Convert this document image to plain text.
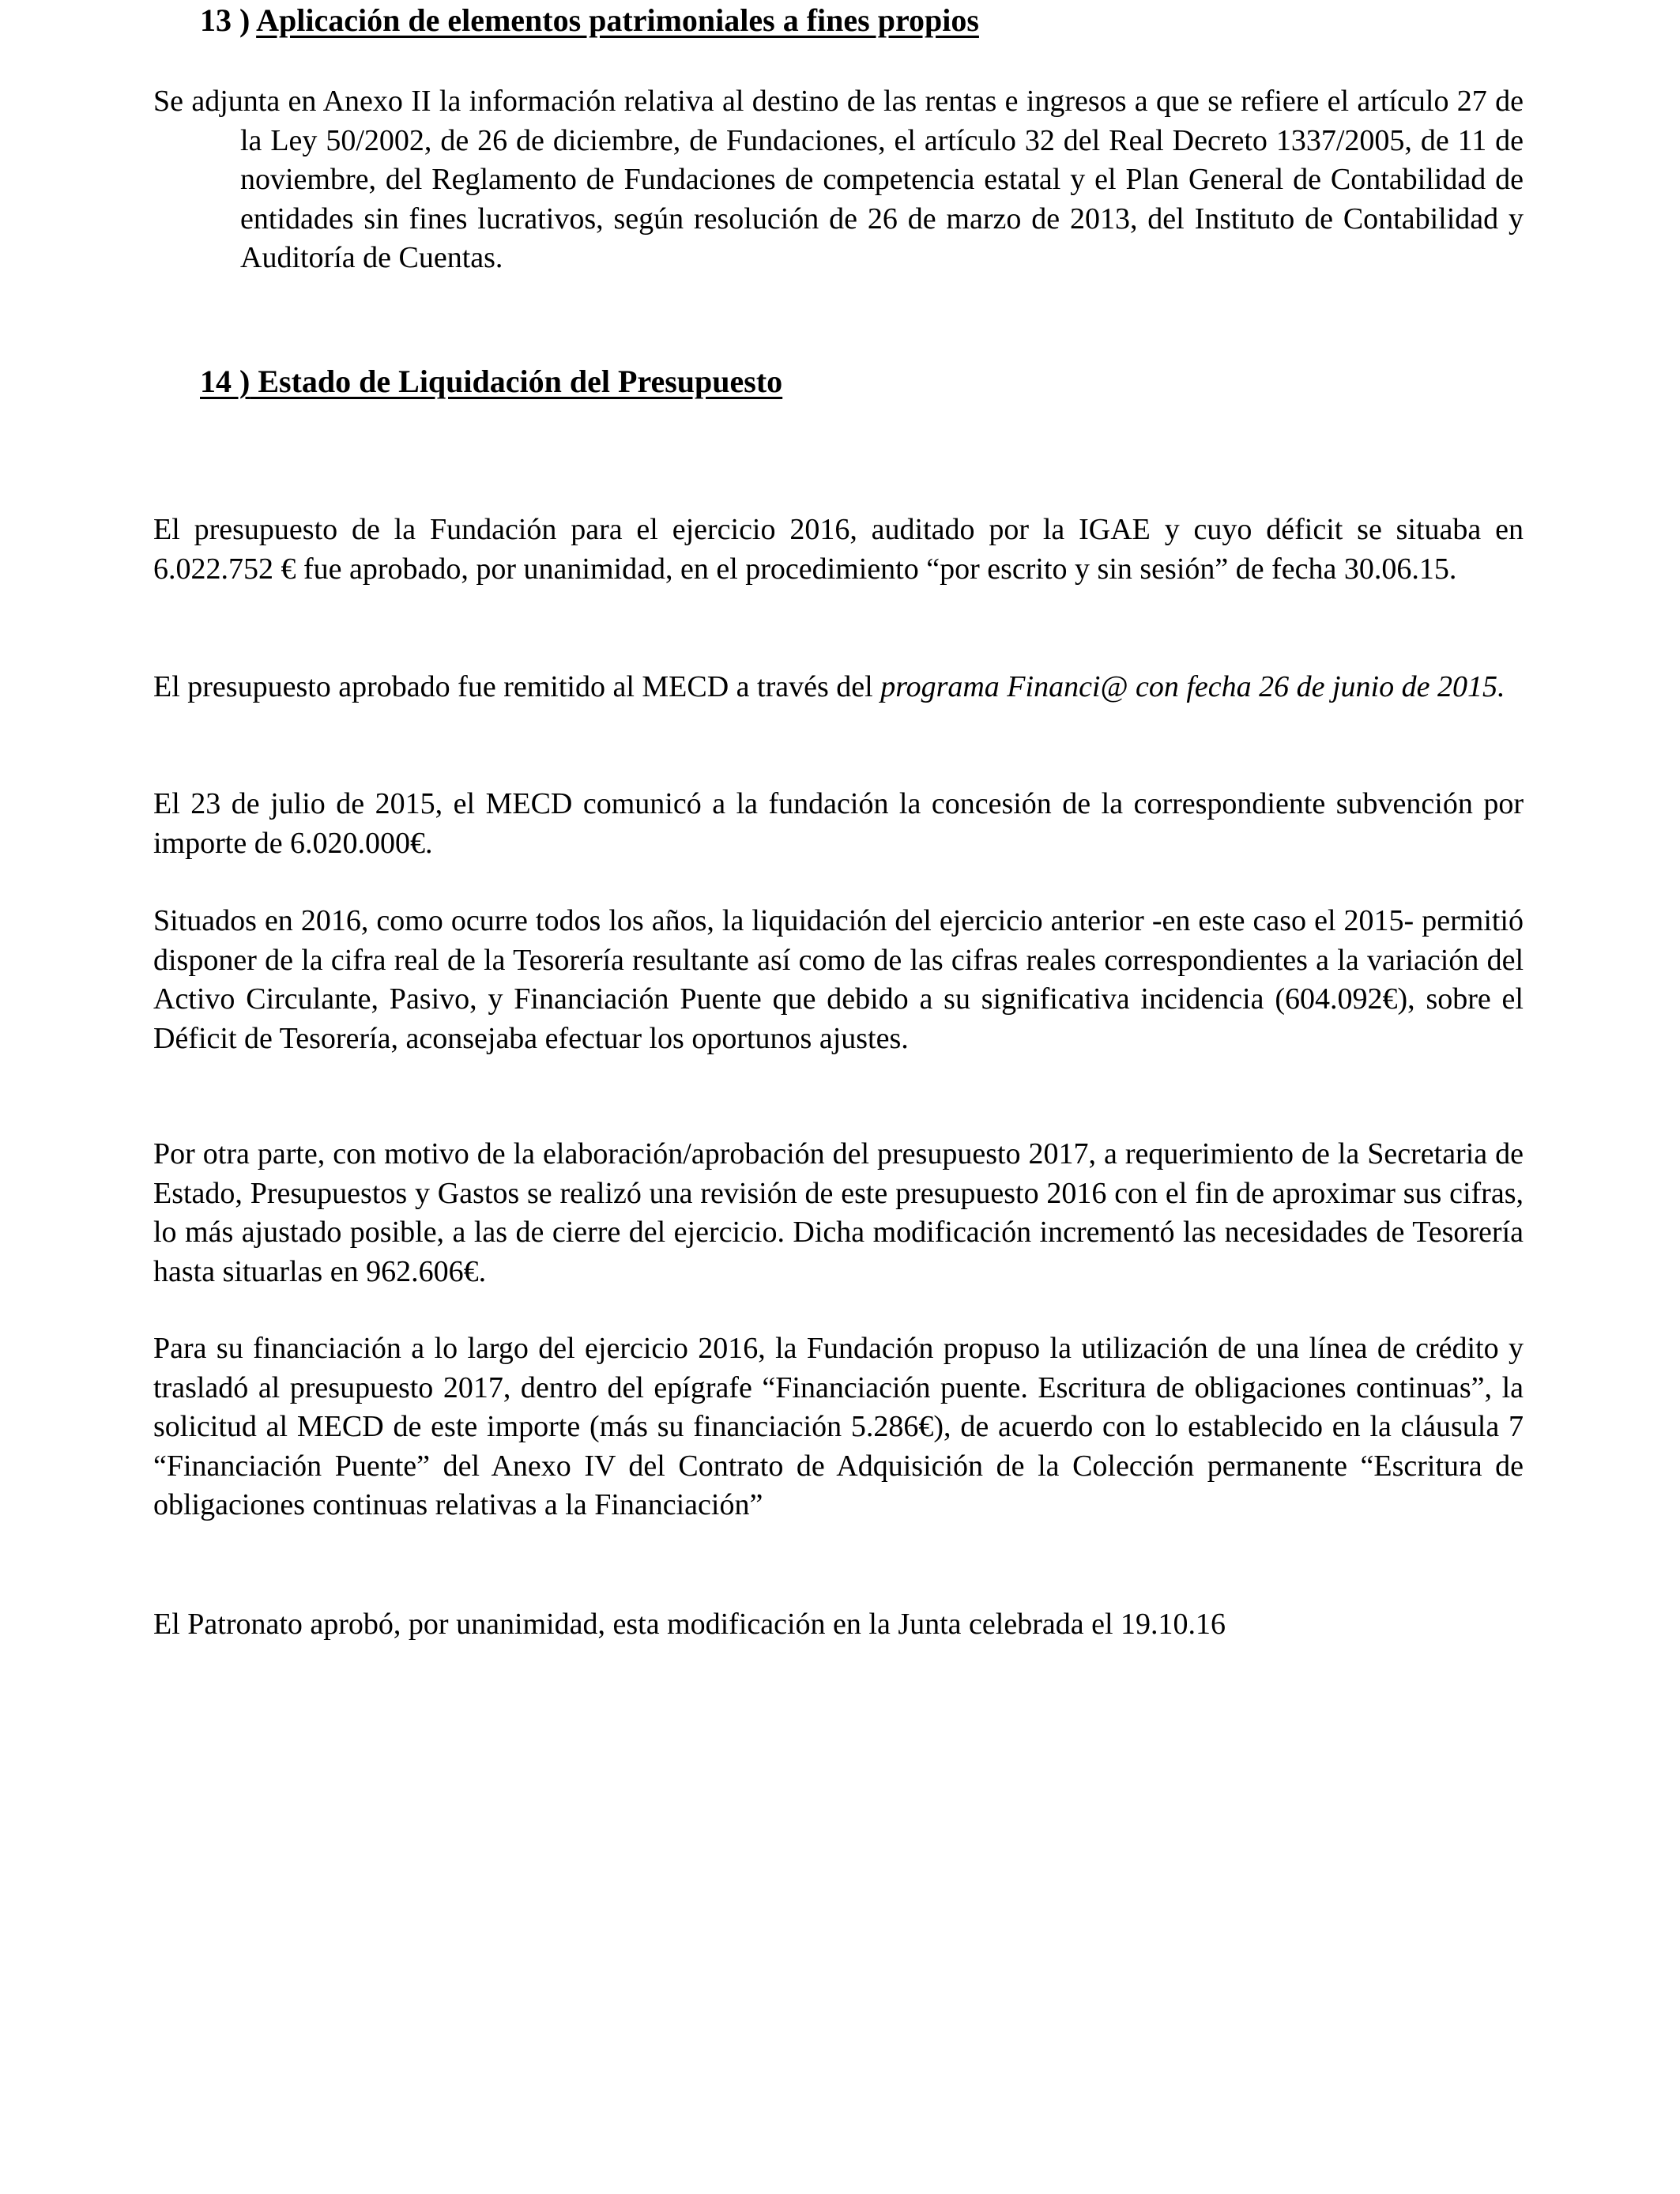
13 ) Aplicación de elementos patrimoniales a fines propios

Se adjunta en Anexo II la información relativa al destino de las rentas e ingresos a que se refiere el artículo 27 de la Ley 50/2002, de 26 de diciembre, de Fundaciones, el artículo 32 del Real Decreto 1337/2005, de 11 de noviembre, del Reglamento de Fundaciones de competencia estatal y el Plan General de Contabilidad de entidades sin fines lucrativos, según resolución de 26 de marzo de 2013, del Instituto de Contabilidad y Auditoría de Cuentas.

14 ) Estado de Liquidación del Presupuesto

El presupuesto de la Fundación para el ejercicio 2016, auditado por la IGAE y cuyo déficit se situaba en 6.022.752 € fue aprobado, por unanimidad, en el procedimiento “por escrito y sin sesión” de fecha 30.06.15.

El presupuesto aprobado fue remitido al MECD a través del programa Financi@ con fecha 26 de junio de 2015.

El 23 de julio de 2015, el MECD comunicó a la fundación la concesión de la correspondiente subvención por importe de 6.020.000€.

Situados en 2016, como ocurre todos los años, la liquidación del ejercicio anterior -en este caso el 2015- permitió disponer de la cifra real de la Tesorería resultante así como de las cifras reales correspondientes a la variación del Activo Circulante, Pasivo, y Financiación Puente que debido a su significativa incidencia (604.092€), sobre el Déficit de Tesorería, aconsejaba efectuar los oportunos ajustes.

Por otra parte, con motivo de la elaboración/aprobación del presupuesto 2017, a requerimiento de la Secretaria de Estado, Presupuestos y Gastos se realizó una revisión de este presupuesto 2016 con el fin de aproximar sus cifras, lo más ajustado posible, a las de cierre del ejercicio. Dicha modificación incrementó las necesidades de Tesorería hasta situarlas en 962.606€.

Para su financiación a lo largo del ejercicio 2016, la Fundación propuso la utilización de una línea de crédito y trasladó al presupuesto 2017, dentro del epígrafe “Financiación puente. Escritura de obligaciones continuas”, la solicitud al MECD de este importe (más su financiación 5.286€), de acuerdo con lo establecido en la cláusula 7 “Financiación Puente” del Anexo IV del Contrato de Adquisición de la Colección permanente “Escritura de obligaciones continuas relativas a la Financiación”

El Patronato aprobó, por unanimidad, esta modificación en la Junta celebrada el 19.10.16
